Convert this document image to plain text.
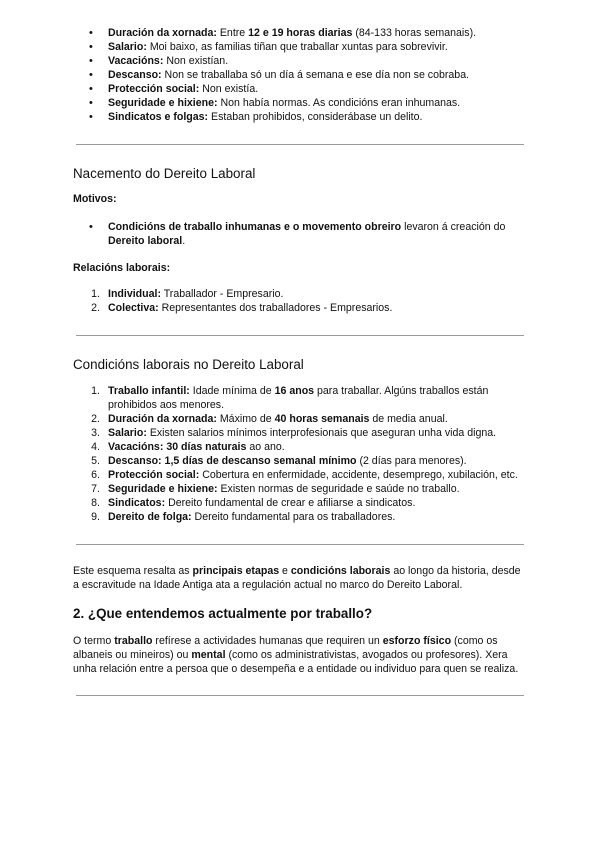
• Duración da xornada: Entre 12 e 19 horas diarias (84-133 horas semanais).
• Salario: Moi baixo, as familias tiñan que traballar xuntas para sobrevivir.
• Vacacións: Non existían.
• Descanso: Non se traballaba só un día á semana e ese día non se cobraba.
• Protección social: Non existía.
• Seguridade e hixiene: Non había normas. As condicións eran inhumanas.
• Sindicatos e folgas: Estaban prohibidos, considerábase un delito.
Nacemento do Dereito Laboral

Motivos:

• Condicións de traballo inhumanas e o movemento obreiro levaron á creación do Dereito laboral.

Relacións laborais:

1. Individual: Traballador - Empresario.
2. Colectiva: Representantes dos traballadores - Empresarios.
Condicións laborais no Dereito Laboral
1. Traballo infantil: Idade mínima de 16 anos para traballar. Algúns traballos están prohibidos aos menores.
2. Duración da xornada: Máximo de 40 horas semanais de media anual.
3. Salario: Existen salarios mínimos interprofesionais que aseguran unha vida digna.
4. Vacacións: 30 días naturais ao ano.
5. Descanso: 1,5 días de descanso semanal mínimo (2 días para menores).
6. Protección social: Cobertura en enfermidade, accidente, desemprego, xubilación, etc.
7. Seguridade e hixiene: Existen normas de seguridade e saúde no traballo.
8. Sindicatos: Dereito fundamental de crear e afiliarse a sindicatos.
9. Dereito de folga: Dereito fundamental para os traballadores.

Este esquema resalta as principais etapas e condicións laborais ao longo da historia, desde a escravitude na Idade Antiga ata a regulación actual no marco do Dereito Laboral.

2. ¿Que entendemos actualmente por traballo?

O termo traballo refírese a actividades humanas que requiren un esforzo físico (como os albaneis ou mineiros) ou mental (como os administrativistas, avogados ou profesores). Xera unha relación entre a persoa que o desempeña e a entidade ou individuo para quen se realiza.
